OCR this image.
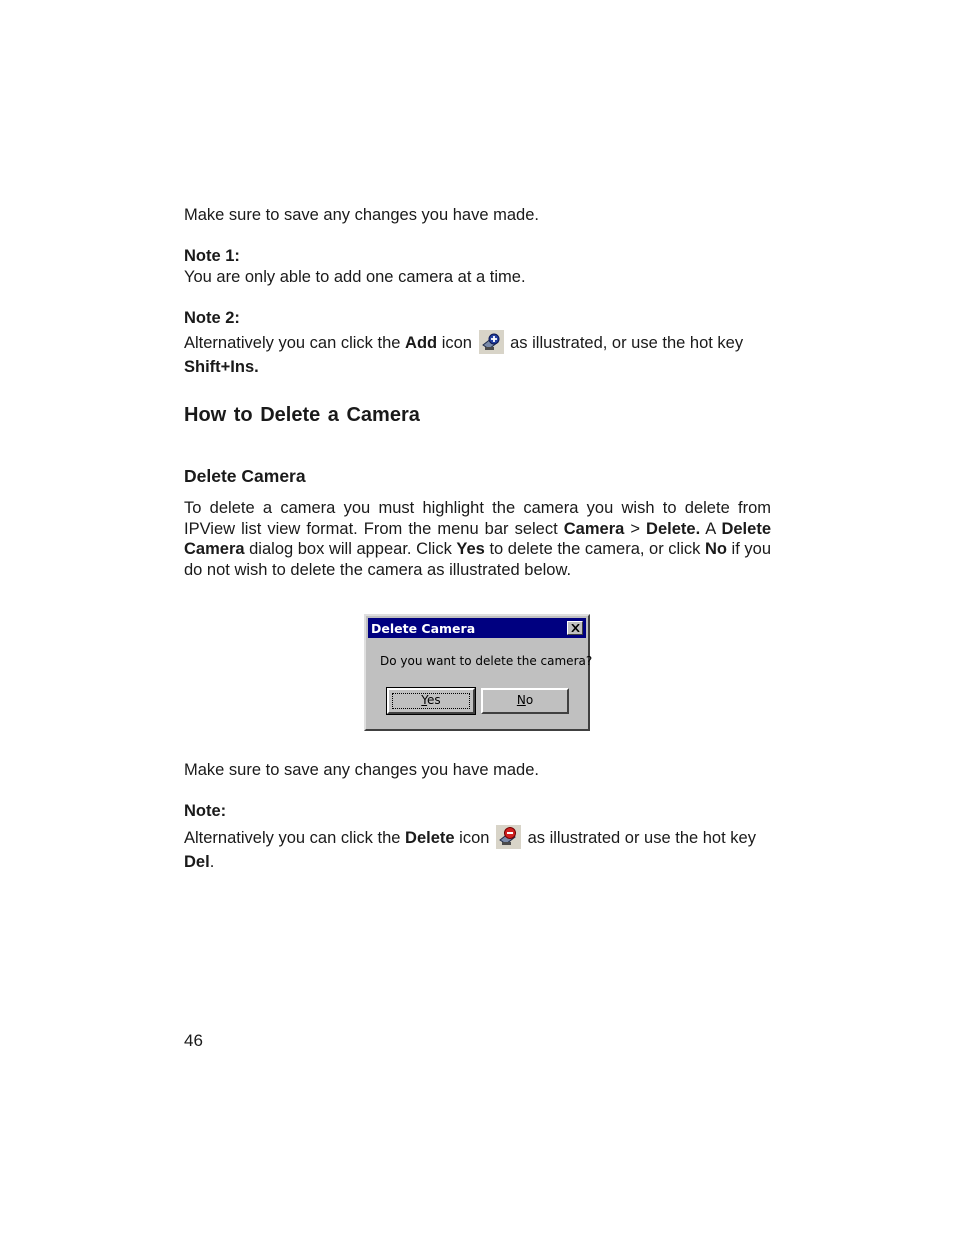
Make sure to save any changes you have made.

Note 1:

You are only able to add one camera at a time.

Note 2:

Alternatively you can click the Add icon  as illustrated, or use the hot key
Shift+Ins.

How to Delete a Camera
Delete Camera

To delete a camera you must highlight the camera you wish to delete from IPView list view format. From the menu bar select Camera > Delete. A Delete Camera dialog box will appear. Click Yes to delete the camera, or click No if you do not wish to delete the camera as illustrated below.

Delete Camera
Do you want to delete the camera?
Yes	No

Make sure to save any changes you have made.

Note:

Alternatively you can click the Delete icon  as illustrated or use the hot key
Del.

46
